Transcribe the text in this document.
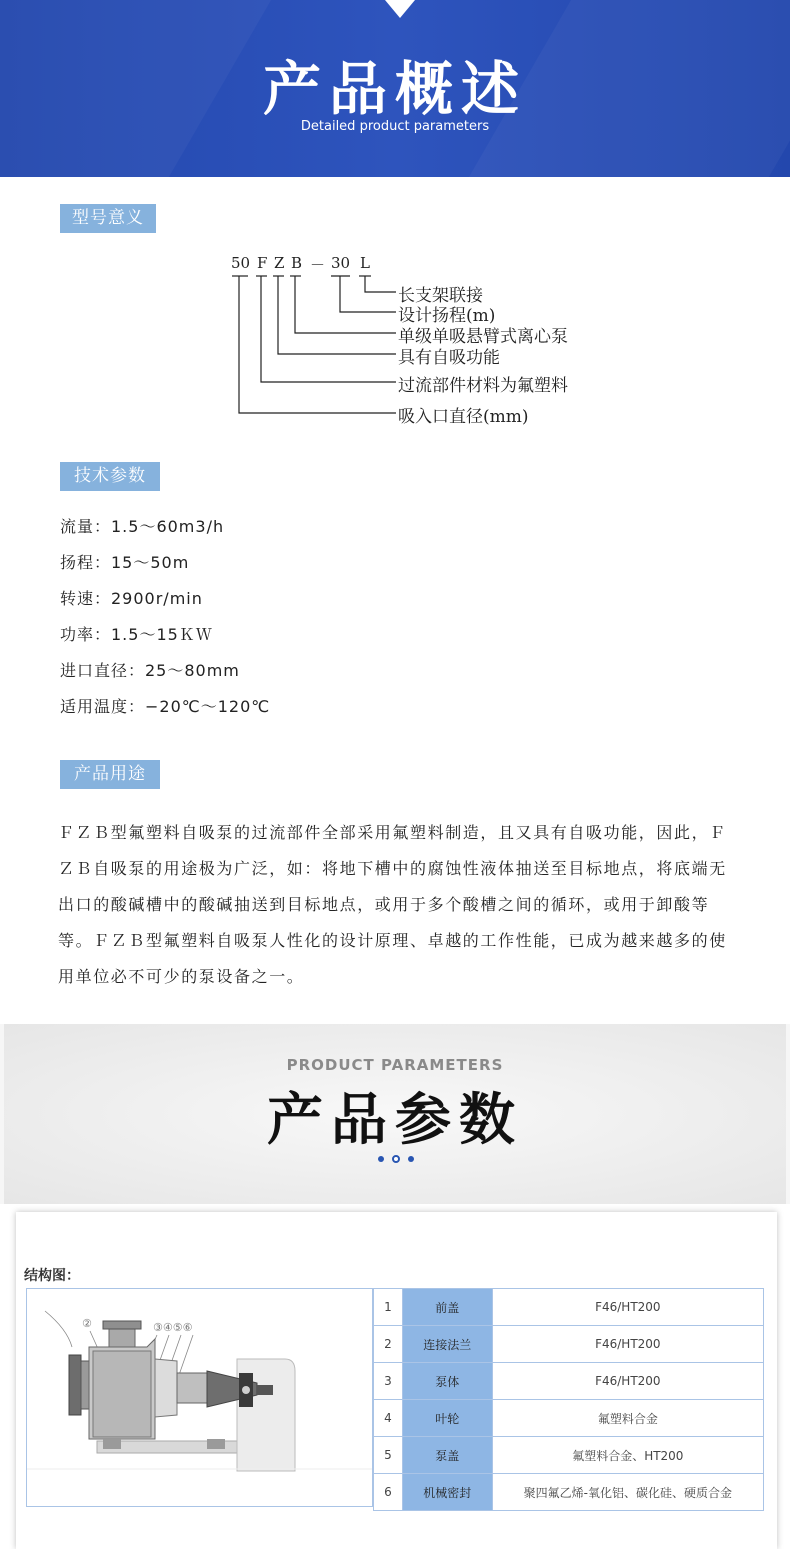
产品概述
Detailed product parameters
型号意义
50 F Z B － 30 L
长支架联接
设计扬程(m)
单级单吸悬臂式离心泵
具有自吸功能
过流部件材料为氟塑料
吸入口直径(mm)
技术参数
流量：1.5～60m3/h
扬程：15～50m
转速：2900r/min
功率：1.5～15ＫＷ
进口直径：25～80mm
适用温度：−20℃～120℃
产品用途
ＦＺＢ型氟塑料自吸泵的过流部件全部采用氟塑料制造，且又具有自吸功能，因此，ＦＺＢ自吸泵的用途极为广泛，如：将地下槽中的腐蚀性液体抽送至目标地点，将底端无出口的酸碱槽中的酸碱抽送到目标地点，或用于多个酸槽之间的循环，或用于卸酸等等。ＦＺＢ型氟塑料自吸泵人性化的设计原理、卓越的工作性能，已成为越来越多的使用单位必不可少的泵设备之一。
PRODUCT PARAMETERS
产品参数
结构图：
②	③④⑤⑥
1	前盖	F46/HT200
2	连接法兰	F46/HT200
3	泵体	F46/HT200
4	叶轮	氟塑料合金
5	泵盖	氟塑料合金、HT200
6	机械密封	聚四氟乙烯-氧化铝、碳化硅、硬质合金
